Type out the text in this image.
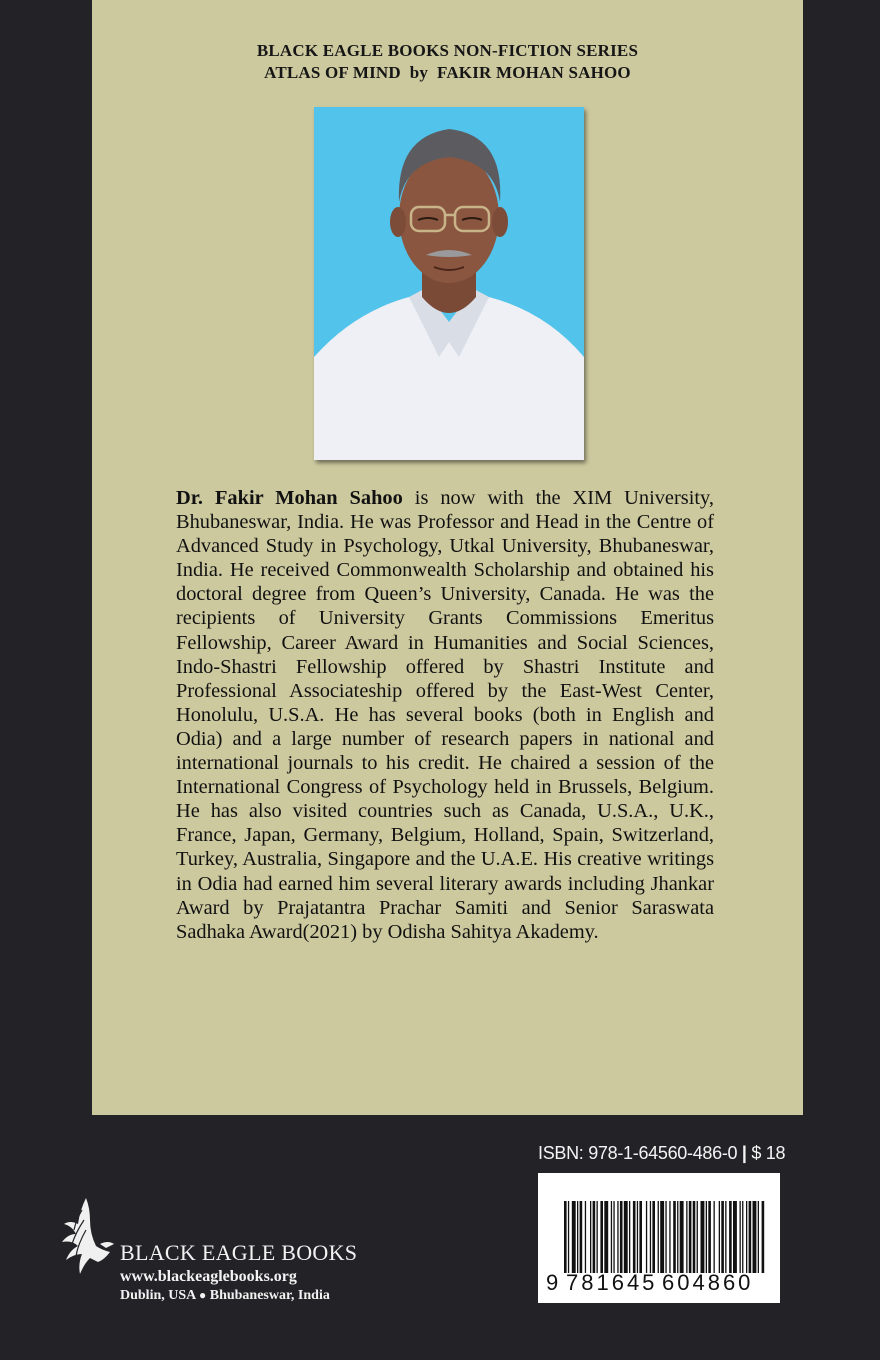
BLACK EAGLE BOOKS NON-FICTION SERIES
ATLAS OF MIND  by  FAKIR MOHAN SAHOO
Dr. Fakir Mohan Sahoo is now with the XIM University, Bhubaneswar, India. He was Professor and Head in the Centre of Advanced Study in Psychology, Utkal University, Bhubaneswar, India. He received Commonwealth Scholarship and obtained his doctoral degree from Queen’s University, Canada. He was the recipients of University Grants Commissions Emeritus Fellowship, Career Award in Humanities and Social Sciences, Indo-Shastri Fellowship offered by Shastri Institute and Professional Associateship offered by the East-West Center, Honolulu, U.S.A. He has several books (both in English and Odia) and a large number of research papers in national and international journals to his credit. He chaired a session of the International Congress of Psychology held in Brussels, Belgium. He has also visited countries such as Canada, U.S.A., U.K., France, Japan, Germany, Belgium, Holland, Spain, Switzerland, Turkey, Australia, Singapore and the U.A.E. His creative writings in Odia had earned him several literary awards including Jhankar Award by Prajatantra Prachar Samiti and Senior Saraswata Sadhaka Award(2021) by Odisha Sahitya Akademy.
ISBN: 978-1-64560-486-0 | $ 18
9 781645 604860
BLACK EAGLE BOOKS
www.blackeaglebooks.org
Dublin, USA ● Bhubaneswar, India
